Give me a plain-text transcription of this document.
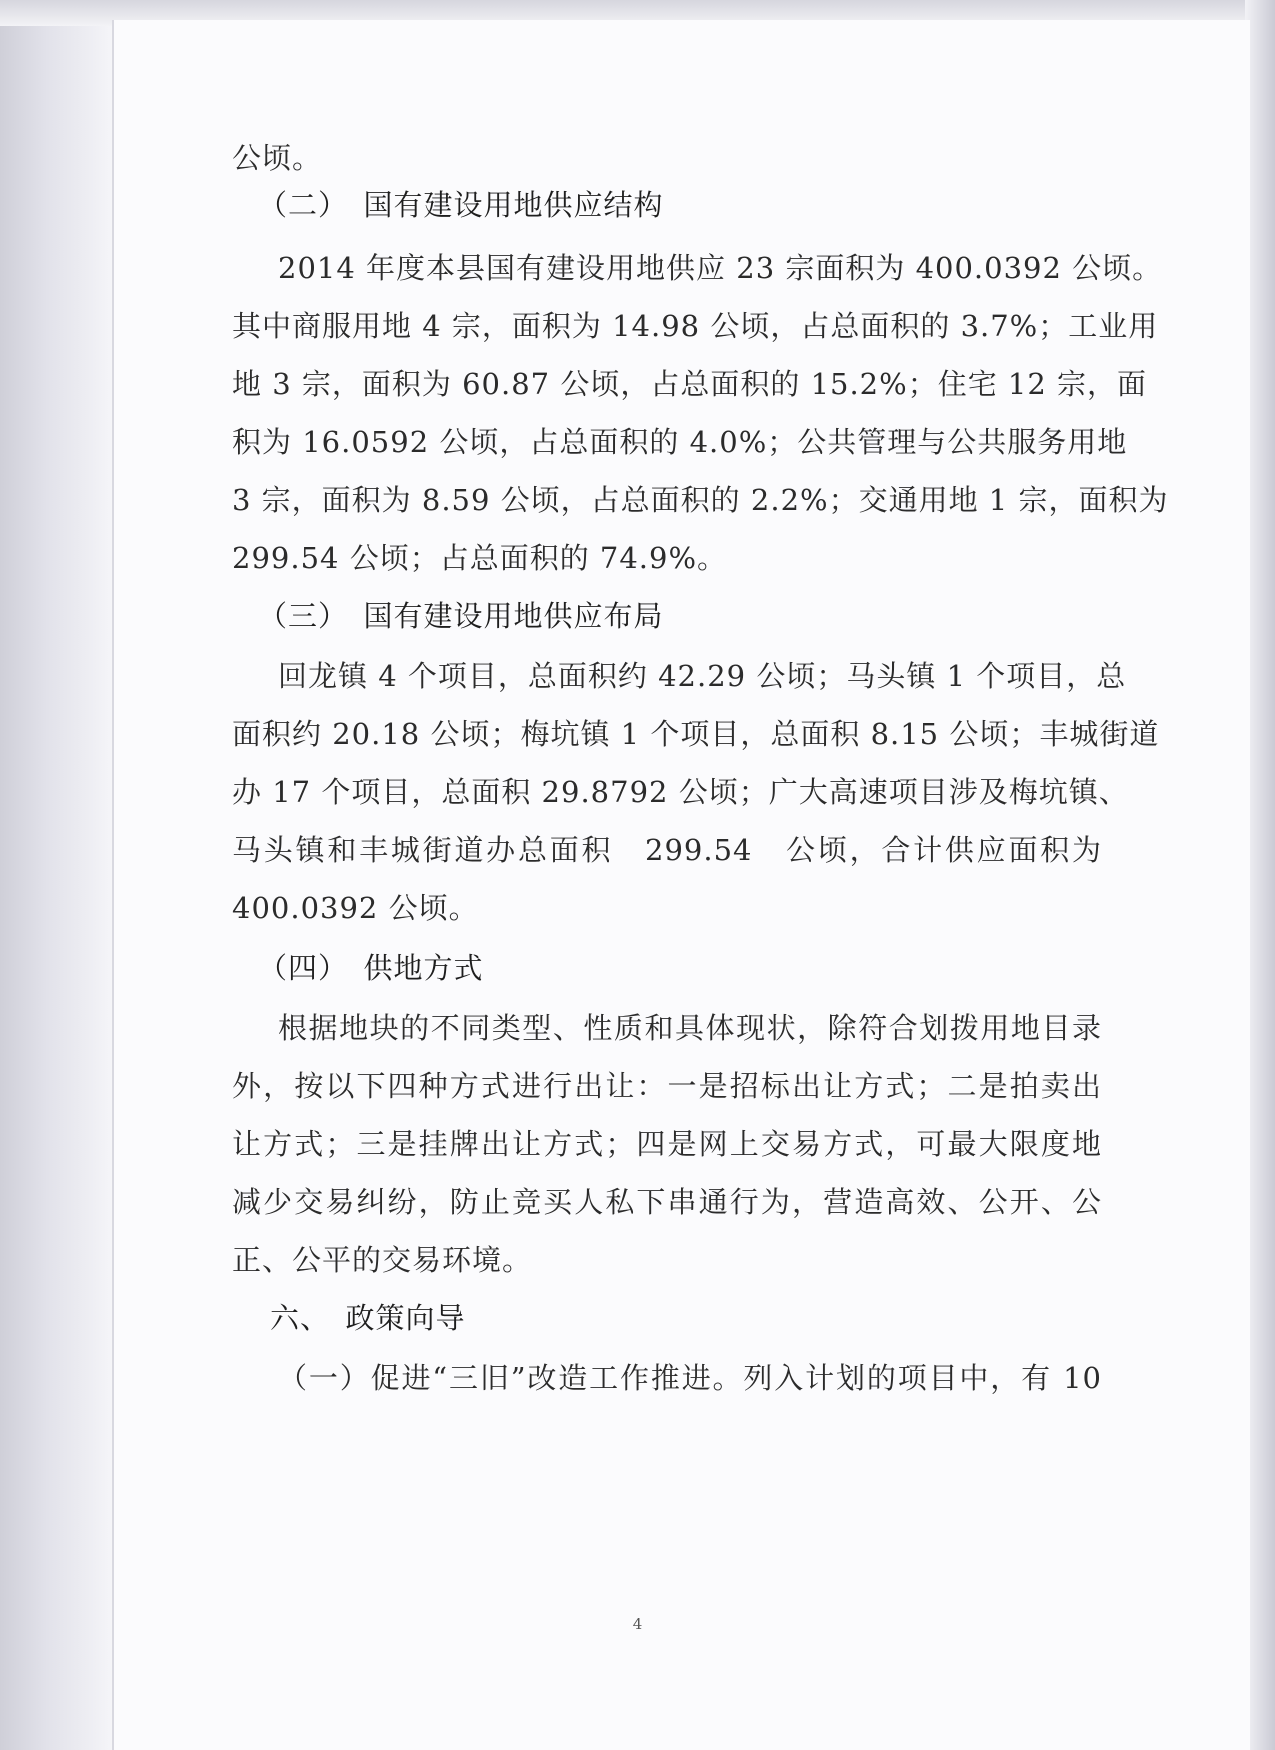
公顷。
（二）　国有建设用地供应结构
2014 年度本县国有建设用地供应 23 宗面积为 400.0392 公顷。
其中商服用地 4 宗，面积为 14.98 公顷，占总面积的 3.7%；工业用
地 3 宗，面积为 60.87 公顷，占总面积的 15.2%；住宅 12 宗，面
积为 16.0592 公顷，占总面积的 4.0%；公共管理与公共服务用地
3 宗，面积为 8.59 公顷，占总面积的 2.2%；交通用地 1 宗，面积为
299.54 公顷；占总面积的 74.9%。
（三）　国有建设用地供应布局
回龙镇 4 个项目，总面积约 42.29 公顷；马头镇 1 个项目，总
面积约 20.18 公顷；梅坑镇 1 个项目，总面积 8.15 公顷；丰城街道
办 17 个项目，总面积 29.8792 公顷；广大高速项目涉及梅坑镇、
马头镇和丰城街道办总面积　299.54　公顷，合计供应面积为
400.0392 公顷。
（四）　供地方式
根据地块的不同类型、性质和具体现状，除符合划拨用地目录
外，按以下四种方式进行出让：一是招标出让方式；二是拍卖出
让方式；三是挂牌出让方式；四是网上交易方式，可最大限度地
减少交易纠纷，防止竞买人私下串通行为，营造高效、公开、公
正、公平的交易环境。
六、　政策向导
（一）促进“三旧”改造工作推进。列入计划的项目中，有 10
4
